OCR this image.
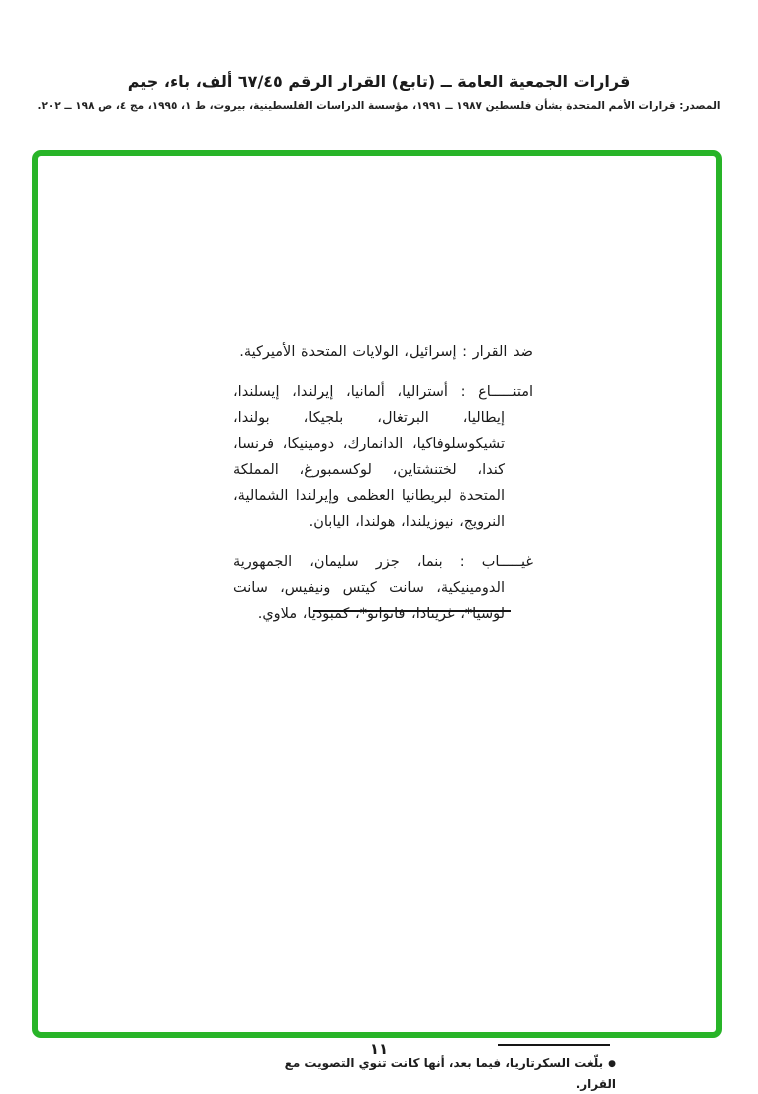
قرارات الجمعية العامة ــ (تابع) القرار الرقم ٦٧/٤٥ ألف، باء، جيم
المصدر: قرارات الأمم المتحدة بشأن فلسطين ١٩٨٧ ــ ١٩٩١، مؤسسة الدراسات الفلسطينية، بيروت، ط ١، ١٩٩٥، مج ٤، ص ١٩٨ ــ ٢٠٢.
ضد القرار : إسرائيل، الولايات المتحدة الأميركية.
امتنـــــاع : أستراليا، ألمانيا، إيرلندا، إيسلندا، إيطاليا، البرتغال، بلجيكا، بولندا، تشيكوسلوفاكيا، الدانمارك، دومينيكا، فرنسا، كندا، لختنشتاين، لوكسمبورغ، المملكة المتحدة لبريطانيا العظمى وإيرلندا الشمالية، النرويج، نيوزيلندا، هولندا، اليابان.
غيـــــاب : بنما، جزر سليمان، الجمهورية الدومينيكية، سانت كيتس ونيفيس، سانت لوسيا*، غرينادا، فانواتو*، كمبوديا، ملاوي.
●بلّغت السكرتاريا، فيما بعد، أنها كانت تنوي التصويت مع القرار.
١١
